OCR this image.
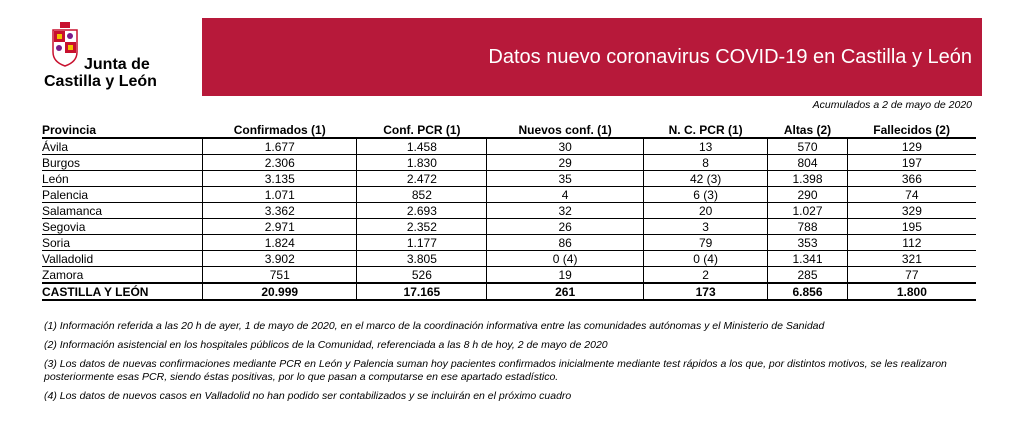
Junta de
Castilla y León
Datos nuevo coronavirus COVID-19 en Castilla y León
Acumulados a 2 de mayo de 2020
Provincia	Confirmados (1)	Conf. PCR (1)	Nuevos conf. (1)	N. C. PCR (1)	Altas (2)	Fallecidos (2)
Ávila	1.677	1.458	30	13	570	129
Burgos	2.306	1.830	29	8	804	197
León	3.135	2.472	35	42 (3)	1.398	366
Palencia	1.071	852	4	6 (3)	290	74
Salamanca	3.362	2.693	32	20	1.027	329
Segovia	2.971	2.352	26	3	788	195
Soria	1.824	1.177	86	79	353	112
Valladolid	3.902	3.805	0 (4)	0 (4)	1.341	321
Zamora	751	526	19	2	285	77
CASTILLA Y LEÓN	20.999	17.165	261	173	6.856	1.800

(1) Información referida a las 20 h de ayer, 1 de mayo de 2020, en el marco de la coordinación informativa entre las comunidades autónomas y el Ministerio de Sanidad

(2) Información asistencial en los hospitales públicos de la Comunidad, referenciada a las 8 h de hoy, 2 de mayo de 2020

(3) Los datos de nuevas confirmaciones mediante PCR en León y Palencia suman hoy pacientes confirmados inicialmente mediante test rápidos a los que, por distintos motivos, se les realizaron posteriormente esas PCR, siendo éstas positivas, por lo que pasan a computarse en ese apartado estadístico.

(4) Los datos de nuevos casos en Valladolid no han podido ser contabilizados y se incluirán en el próximo cuadro
